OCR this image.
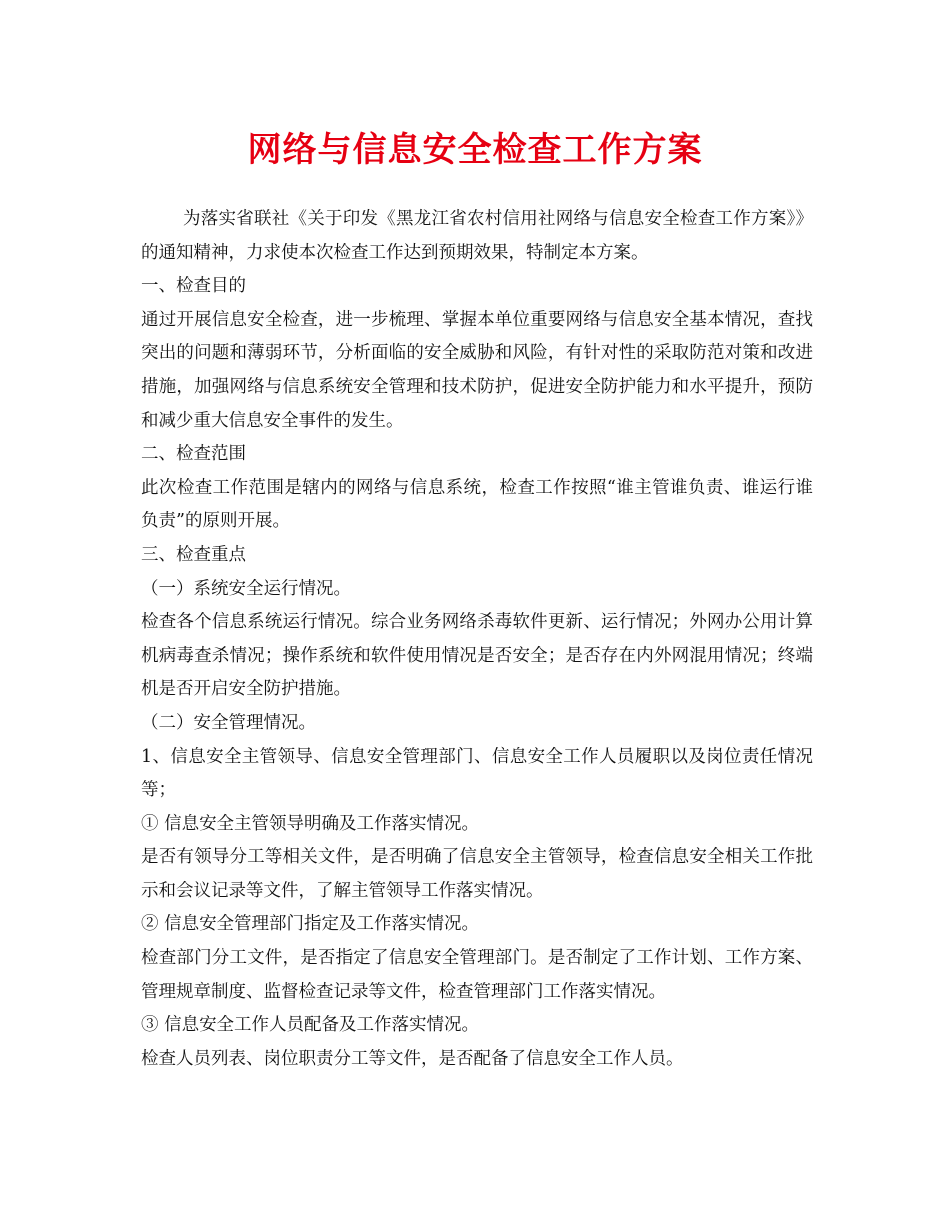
网络与信息安全检查工作方案

为落实省联社《关于印发《黑龙江省农村信用社网络与信息安全检查工作方案》》的通知精神，力求使本次检查工作达到预期效果，特制定本方案。

一、检查目的

通过开展信息安全检查，进一步梳理、掌握本单位重要网络与信息安全基本情况，查找突出的问题和薄弱环节，分析面临的安全威胁和风险，有针对性的采取防范对策和改进措施，加强网络与信息系统安全管理和技术防护，促进安全防护能力和水平提升，预防和减少重大信息安全事件的发生。

二、检查范围

此次检查工作范围是辖内的网络与信息系统，检查工作按照“谁主管谁负责、谁运行谁负责”的原则开展。

三、检查重点

（一）系统安全运行情况。

检查各个信息系统运行情况。综合业务网络杀毒软件更新、运行情况；外网办公用计算机病毒查杀情况；操作系统和软件使用情况是否安全；是否存在内外网混用情况；终端机是否开启安全防护措施。

（二）安全管理情况。

1、信息安全主管领导、信息安全管理部门、信息安全工作人员履职以及岗位责任情况等；

① 信息安全主管领导明确及工作落实情况。

是否有领导分工等相关文件，是否明确了信息安全主管领导，检查信息安全相关工作批示和会议记录等文件，了解主管领导工作落实情况。

② 信息安全管理部门指定及工作落实情况。

检查部门分工文件，是否指定了信息安全管理部门。是否制定了工作计划、工作方案、管理规章制度、监督检查记录等文件，检查管理部门工作落实情况。

③ 信息安全工作人员配备及工作落实情况。

检查人员列表、岗位职责分工等文件，是否配备了信息安全工作人员。
